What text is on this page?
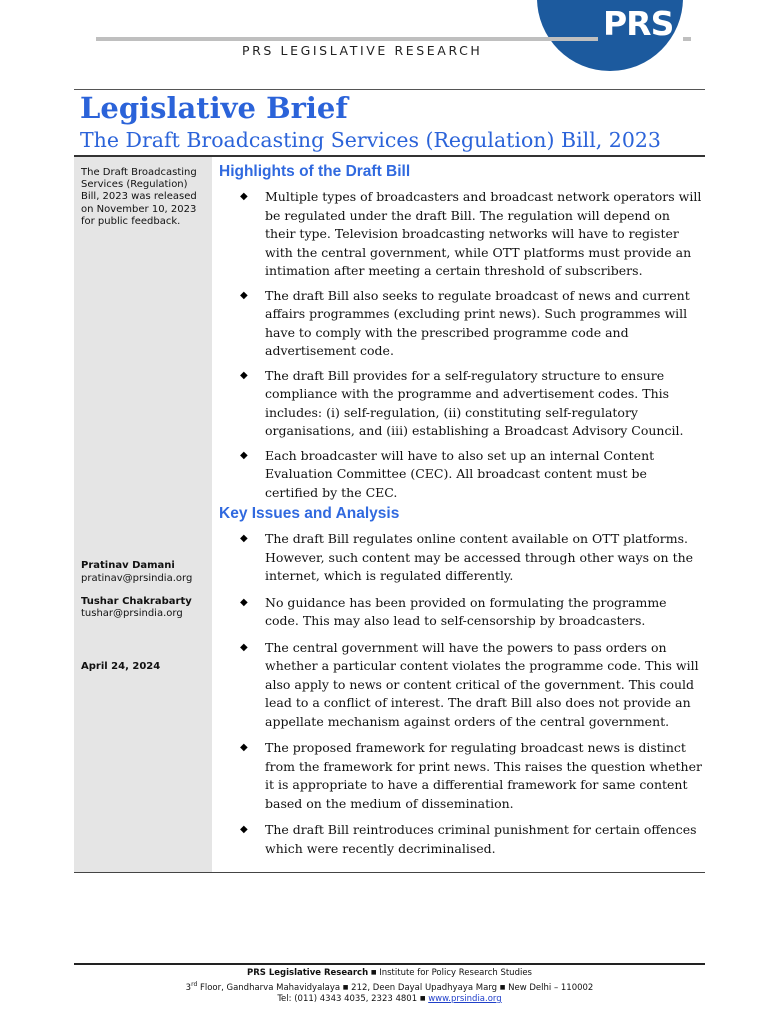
PRS
PRS LEGISLATIVE RESEARCH
Legislative Brief
The Draft Broadcasting Services (Regulation) Bill, 2023
The Draft Broadcasting
Services (Regulation)
Bill, 2023 was released
on November 10, 2023
for public feedback.
Pratinav Damani
pratinav@prsindia.org
Tushar Chakrabarty
tushar@prsindia.org
April 24, 2024
Highlights of the Draft Bill
◆ Multiple types of broadcasters and broadcast network operators will be regulated under the draft Bill. The regulation will depend on their type. Television broadcasting networks will have to register with the central government, while OTT platforms must provide an intimation after meeting a certain threshold of subscribers.
◆ The draft Bill also seeks to regulate broadcast of news and current affairs programmes (excluding print news). Such programmes will have to comply with the prescribed programme code and advertisement code.
◆ The draft Bill provides for a self-regulatory structure to ensure compliance with the programme and advertisement codes. This includes: (i) self-regulation, (ii) constituting self-regulatory organisations, and (iii) establishing a Broadcast Advisory Council.
◆ Each broadcaster will have to also set up an internal Content Evaluation Committee (CEC). All broadcast content must be certified by the CEC.
Key Issues and Analysis
◆ The draft Bill regulates online content available on OTT platforms. However, such content may be accessed through other ways on the internet, which is regulated differently.
◆ No guidance has been provided on formulating the programme code. This may also lead to self-censorship by broadcasters.
◆ The central government will have the powers to pass orders on whether a particular content violates the programme code. This will also apply to news or content critical of the government. This could lead to a conflict of interest. The draft Bill also does not provide an appellate mechanism against orders of the central government.
◆ The proposed framework for regulating broadcast news is distinct from the framework for print news. This raises the question whether it is appropriate to have a differential framework for same content based on the medium of dissemination.
◆ The draft Bill reintroduces criminal punishment for certain offences which were recently decriminalised.
PRS Legislative Research ■ Institute for Policy Research Studies
3rd Floor, Gandharva Mahavidyalaya ■ 212, Deen Dayal Upadhyaya Marg ■ New Delhi – 110002
Tel: (011) 4343 4035, 2323 4801 ■ www.prsindia.org
